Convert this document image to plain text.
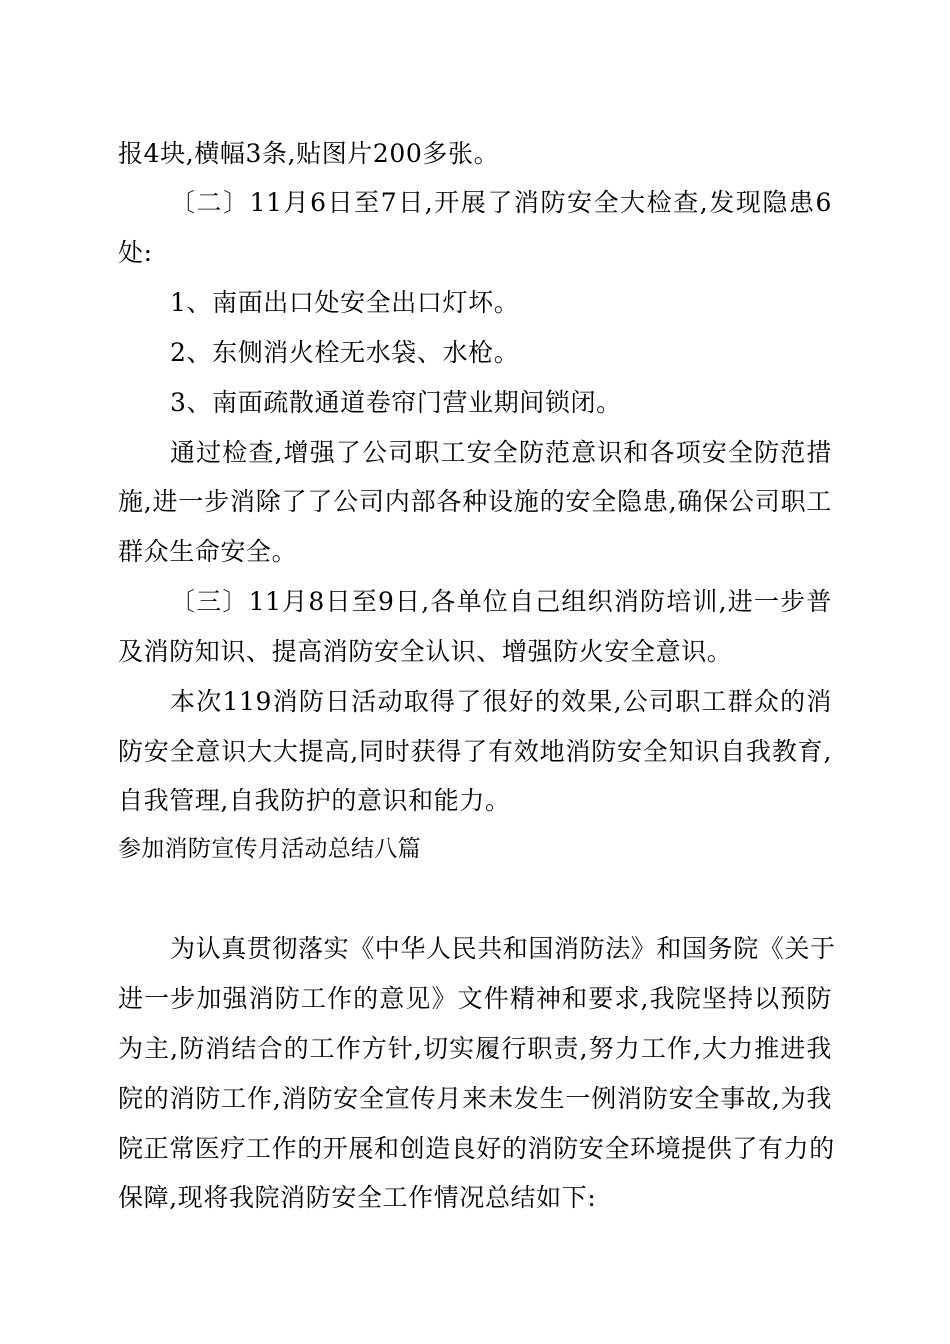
报4块,横幅3条,贴图片200多张。
〔二〕11月6日至7日,开展了消防安全大检查,发现隐患6
处:
1、南面出口处安全出口灯坏。
2、东侧消火栓无水袋、水枪。
3、南面疏散通道卷帘门营业期间锁闭。
通过检查,增强了公司职工安全防范意识和各项安全防范措
施,进一步消除了了公司内部各种设施的安全隐患,确保公司职工
群众生命安全。
〔三〕11月8日至9日,各单位自己组织消防培训,进一步普
及消防知识、提高消防安全认识、增强防火安全意识。
本次119消防日活动取得了很好的效果,公司职工群众的消
防安全意识大大提高,同时获得了有效地消防安全知识自我教育,
自我管理,自我防护的意识和能力。
参加消防宣传月活动总结八篇
为认真贯彻落实《中华人民共和国消防法》和国务院《关于
进一步加强消防工作的意见》文件精神和要求,我院坚持以预防
为主,防消结合的工作方针,切实履行职责,努力工作,大力推进我
院的消防工作,消防安全宣传月来未发生一例消防安全事故,为我
院正常医疗工作的开展和创造良好的消防安全环境提供了有力的
保障,现将我院消防安全工作情况总结如下:
